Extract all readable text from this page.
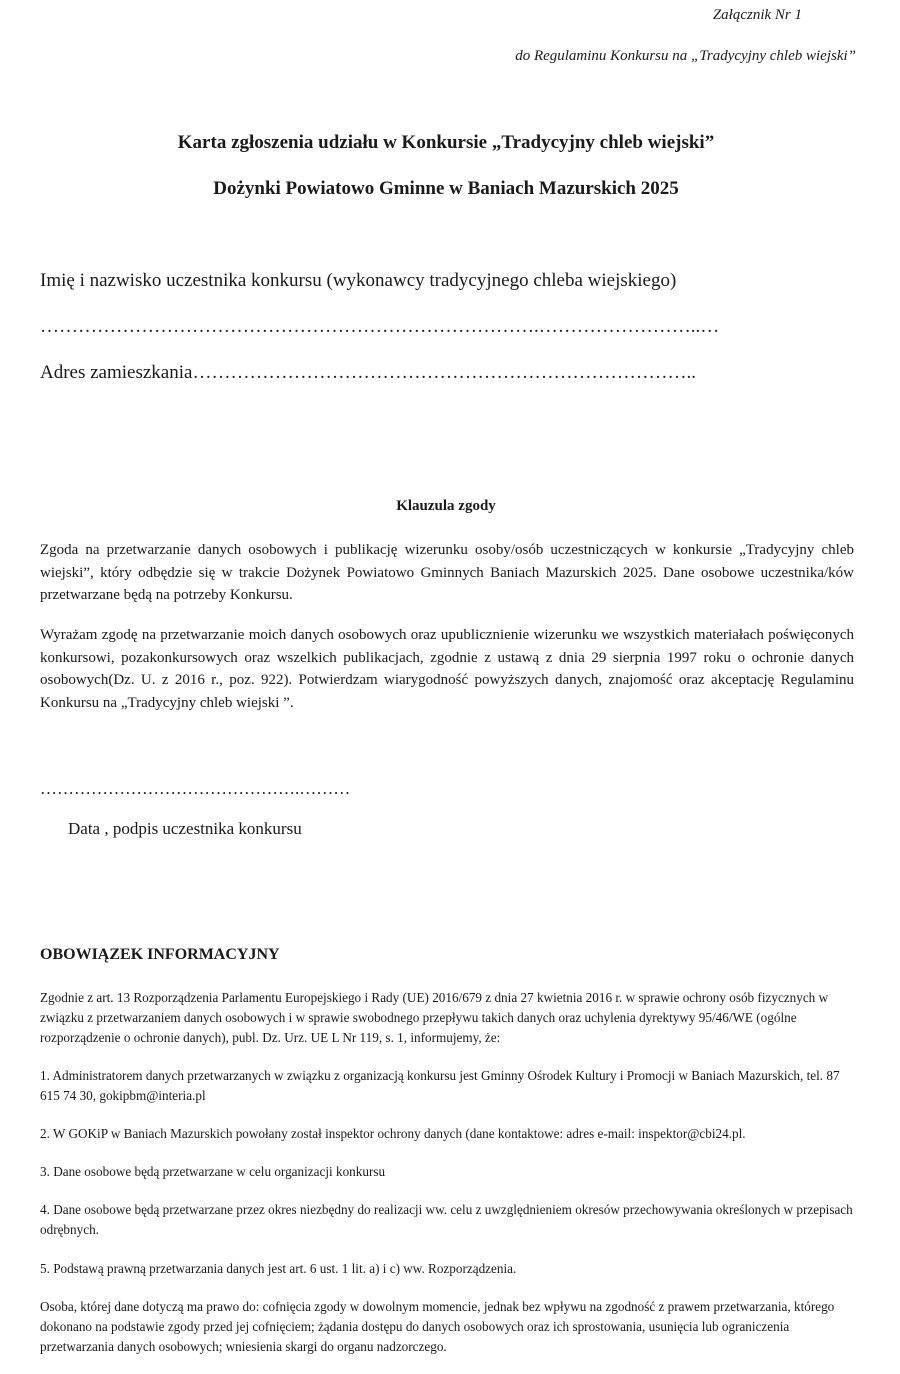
Załącznik Nr 1
do Regulaminu Konkursu na „Tradycyjny chleb wiejski”
Karta zgłoszenia udziału w Konkursie „Tradycyjny chleb wiejski”
Dożynki Powiatowo Gminne w Baniach Mazurskich 2025
Imię i nazwisko uczestnika konkursu (wykonawcy tradycyjnego chleba wiejskiego)
…………………………………………………………………….……………………..…
Adres zamieszkania……………………………………………………………………..
Klauzula zgody

Zgoda na przetwarzanie danych osobowych i publikację wizerunku osoby/osób uczestniczących w konkursie „Tradycyjny chleb wiejski”, który odbędzie się w trakcie Dożynek Powiatowo Gminnych Baniach Mazurskich 2025. Dane osobowe uczestnika/ków przetwarzane będą na potrzeby Konkursu.

Wyrażam zgodę na przetwarzanie moich danych osobowych oraz upublicznienie wizerunku we wszystkich materiałach poświęconych konkursowi, pozakonkursowych oraz wszelkich publikacjach, zgodnie z ustawą z dnia 29 sierpnia 1997 roku o ochronie danych osobowych(Dz. U. z 2016 r., poz. 922). Potwierdzam wiarygodność powyższych danych, znajomość oraz akceptację Regulaminu Konkursu na „Tradycyjny chleb wiejski ”.

……………………………………….………
Data , podpis uczestnika konkursu
OBOWIĄZEK INFORMACYJNY

Zgodnie z art. 13 Rozporządzenia Parlamentu Europejskiego i Rady (UE) 2016/679 z dnia 27 kwietnia 2016 r. w sprawie ochrony osób fizycznych w związku z przetwarzaniem danych osobowych i w sprawie swobodnego przepływu takich danych oraz uchylenia dyrektywy 95/46/WE (ogólne rozporządzenie o ochronie danych), publ. Dz. Urz. UE L Nr 119, s. 1, informujemy, że:

1. Administratorem danych przetwarzanych w związku z organizacją konkursu jest Gminny Ośrodek Kultury i Promocji w Baniach Mazurskich, tel. 87 615 74 30, gokipbm@interia.pl

2. W GOKiP w Baniach Mazurskich powołany został inspektor ochrony danych (dane kontaktowe: adres e-mail: inspektor@cbi24.pl.

3. Dane osobowe będą przetwarzane w celu organizacji konkursu

4. Dane osobowe będą przetwarzane przez okres niezbędny do realizacji ww. celu z uwzględnieniem okresów przechowywania określonych w przepisach odrębnych.

5. Podstawą prawną przetwarzania danych jest art. 6 ust. 1 lit. a) i c) ww. Rozporządzenia.

Osoba, której dane dotyczą ma prawo do: cofnięcia zgody w dowolnym momencie, jednak bez wpływu na zgodność z prawem przetwarzania, którego dokonano na podstawie zgody przed jej cofnięciem; żądania dostępu do danych osobowych oraz ich sprostowania, usunięcia lub ograniczenia przetwarzania danych osobowych; wniesienia skargi do organu nadzorczego.
